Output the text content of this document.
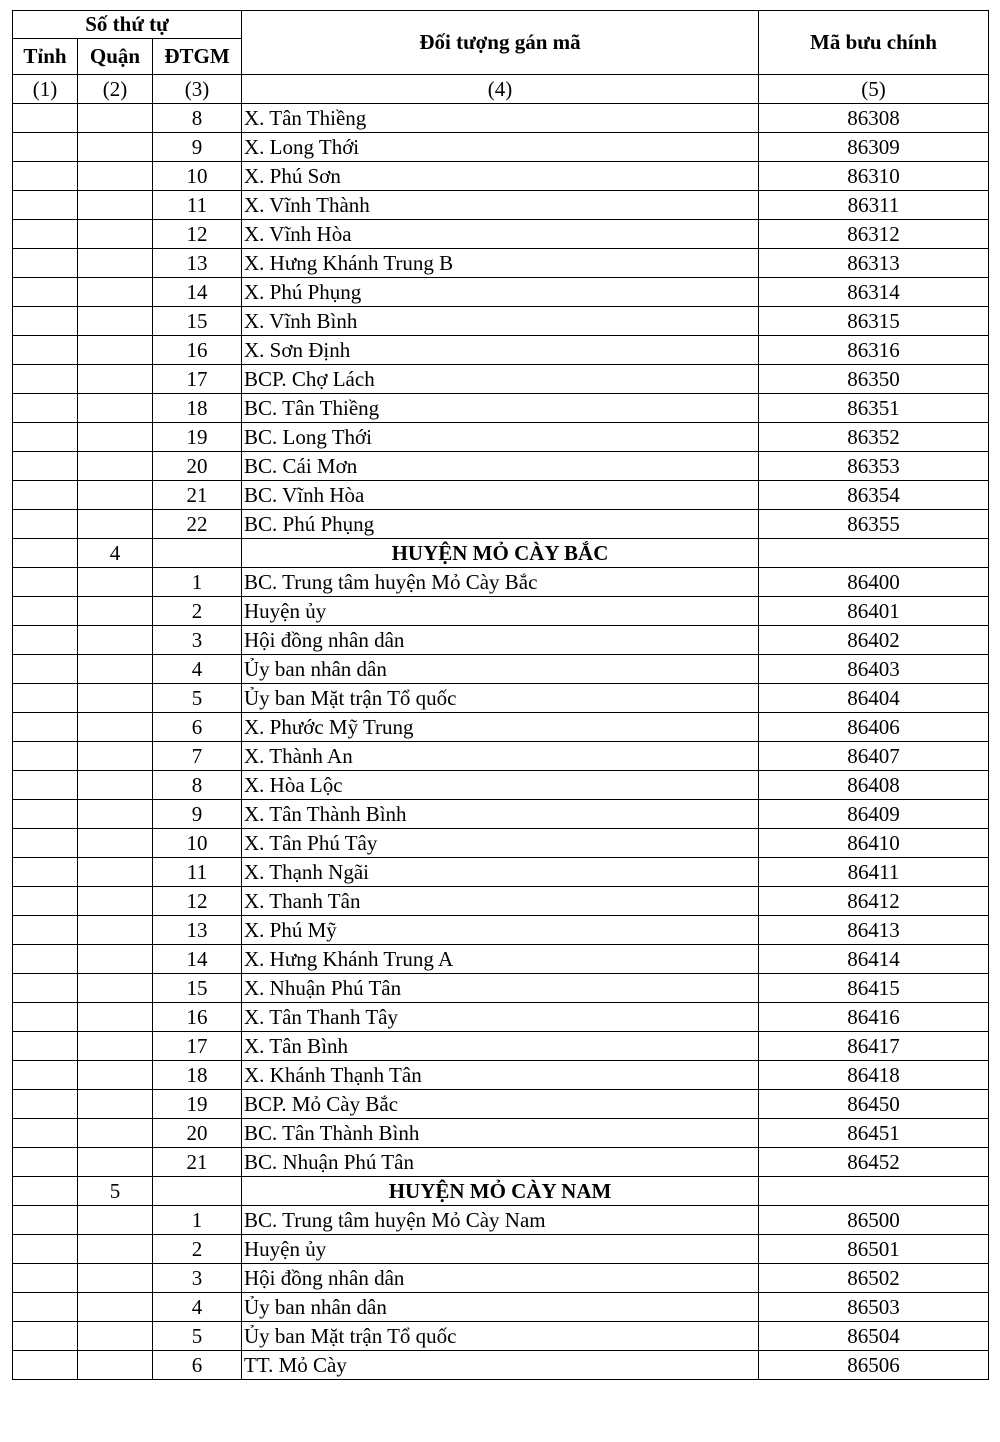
Số thứ tự			Đối tượng gán mã	Mã bưu chính
Tỉnh	Quận	ĐTGM		
(1)	(2)	(3)	(4)	(5)
		8	X. Tân Thiềng	86308
		9	X. Long Thới	86309
		10	X. Phú Sơn	86310
		11	X. Vĩnh Thành	86311
		12	X. Vĩnh Hòa	86312
		13	X. Hưng Khánh Trung B	86313
		14	X. Phú Phụng	86314
		15	X. Vĩnh Bình	86315
		16	X. Sơn Định	86316
		17	BCP. Chợ Lách	86350
		18	BC. Tân Thiềng	86351
		19	BC. Long Thới	86352
		20	BC. Cái Mơn	86353
		21	BC. Vĩnh Hòa	86354
		22	BC. Phú Phụng	86355
	4		HUYỆN MỎ CÀY BẮC	
		1	BC. Trung tâm huyện Mỏ Cày Bắc	86400
		2	Huyện ủy	86401
		3	Hội đồng nhân dân	86402
		4	Ủy ban nhân dân	86403
		5	Ủy ban Mặt trận Tổ quốc	86404
		6	X. Phước Mỹ Trung	86406
		7	X. Thành An	86407
		8	X. Hòa Lộc	86408
		9	X. Tân Thành Bình	86409
		10	X. Tân Phú Tây	86410
		11	X. Thạnh Ngãi	86411
		12	X. Thanh Tân	86412
		13	X. Phú Mỹ	86413
		14	X. Hưng Khánh Trung A	86414
		15	X. Nhuận Phú Tân	86415
		16	X. Tân Thanh Tây	86416
		17	X. Tân Bình	86417
		18	X. Khánh Thạnh Tân	86418
		19	BCP. Mỏ Cày Bắc	86450
		20	BC. Tân Thành Bình	86451
		21	BC. Nhuận Phú Tân	86452
	5		HUYỆN MỎ CÀY NAM	
		1	BC. Trung tâm huyện Mỏ Cày Nam	86500
		2	Huyện ủy	86501
		3	Hội đồng nhân dân	86502
		4	Ủy ban nhân dân	86503
		5	Ủy ban Mặt trận Tổ quốc	86504
		6	TT. Mỏ Cày	86506
